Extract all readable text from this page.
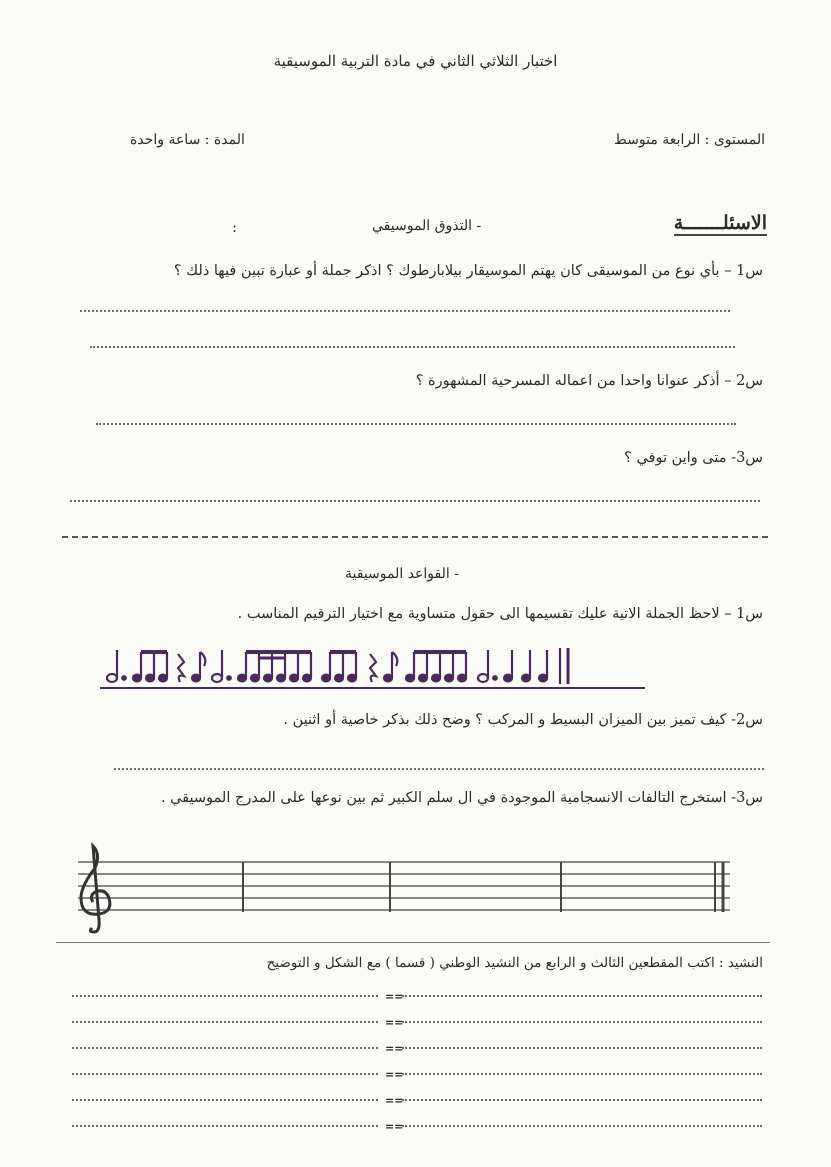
اختبار الثلاثي الثاني في مادة التربية الموسيقية
المستوى : الرابعة متوسط
المدة : ساعة واحدة
الاسئلـــــــة
:	- التذوق الموسيقي
س1 – بأي نوع من الموسيقى كان يهتم الموسيقار بيلابارطوك ؟ اذكر جملة أو عبارة تبين فيها ذلك ؟
س2 – أذكر عنوانا واحدا من اعماله المسرحية المشهورة ؟
س3- متى واين توفي ؟
- القواعد الموسيقية
س1 – لاحظ الجملة الاتية عليك تقسيمها الى حقول متساوية مع اختيار الترقيم المناسب .
س2- كيف تميز بين الميزان البسيط و المركب ؟ وضح ذلك بذكر خاصية أو اثنين .
س3- استخرج التالفات الانسجامية الموجودة في ال سلم الكبير ثم بين نوعها على المدرج الموسيقي .
النشيد : اكتب المقطعين الثالث و الرابع من النشيد الوطني ( قسما ) مع الشكل و التوضيح
==
==
==
==
==
==
